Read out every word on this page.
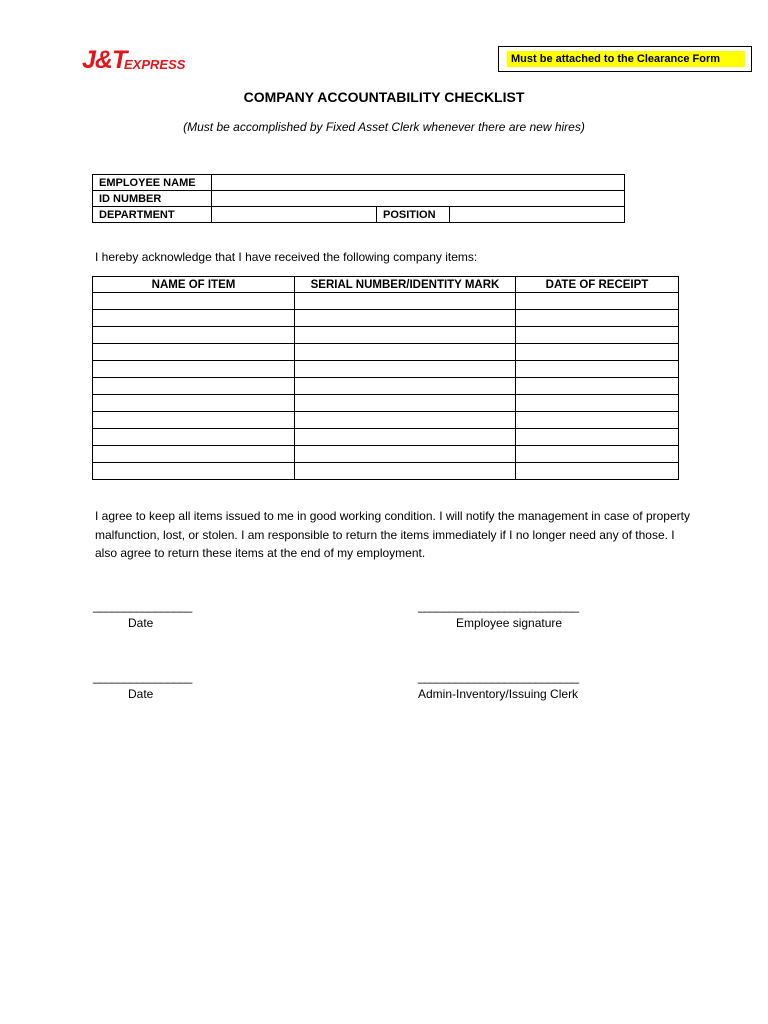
J&T
EXPRESS	Must be attached to the Clearance Form
COMPANY ACCOUNTABILITY CHECKLIST
(Must be accomplished by Fixed Asset Clerk whenever there are new hires)
EMPLOYEE NAME			
ID NUMBER			
DEPARTMENT		POSITION	
I hereby acknowledge that I have received the following company items:
NAME OF ITEM	SERIAL NUMBER/IDENTITY MARK	DATE OF RECEIPT

I agree to keep all items issued to me in good working condition. I will notify the management in case of property malfunction, lost, or stolen. I am responsible to return the items immediately if I no longer need any of those. I also agree to return these items at the end of my employment.
________________
Date
__________________________
Employee signature
________________
Date
__________________________
Admin-Inventory/Issuing Clerk
